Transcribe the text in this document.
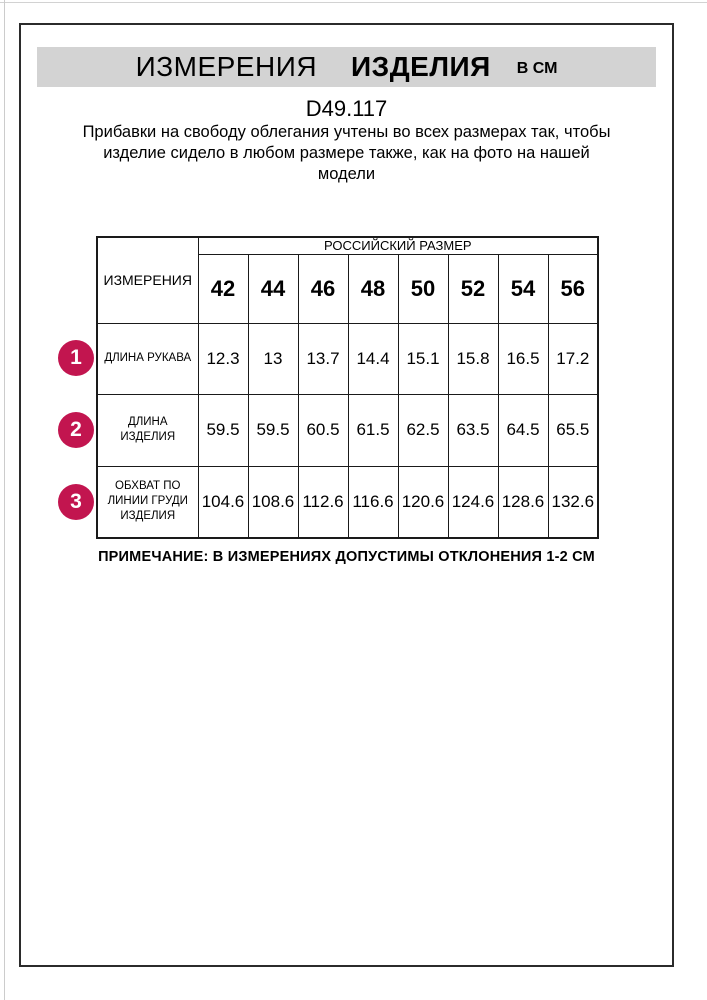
ИЗМЕРЕНИЯ ИЗДЕЛИЯ В СМ
D49.117
Прибавки на свободу облегания учтены во всех размерах так, чтобы
изделие сидело в любом размере также, как на фото на нашей
модели
ИЗМЕРЕНИЯ	РОССИЙСКИЙ РАЗМЕР							
	42	44	46	48	50	52	54	56
ДЛИНА РУКАВА	12.3	13	13.7	14.4	15.1	15.8	16.5	17.2
ДЛИНА
ИЗДЕЛИЯ	59.5	59.5	60.5	61.5	62.5	63.5	64.5	65.5
ОБХВАТ ПО
ЛИНИИ ГРУДИ
ИЗДЕЛИЯ	104.6	108.6	112.6	116.6	120.6	124.6	128.6	132.6
1
2
3
ПРИМЕЧАНИЕ: В ИЗМЕРЕНИЯХ ДОПУСТИМЫ ОТКЛОНЕНИЯ 1-2 СМ
